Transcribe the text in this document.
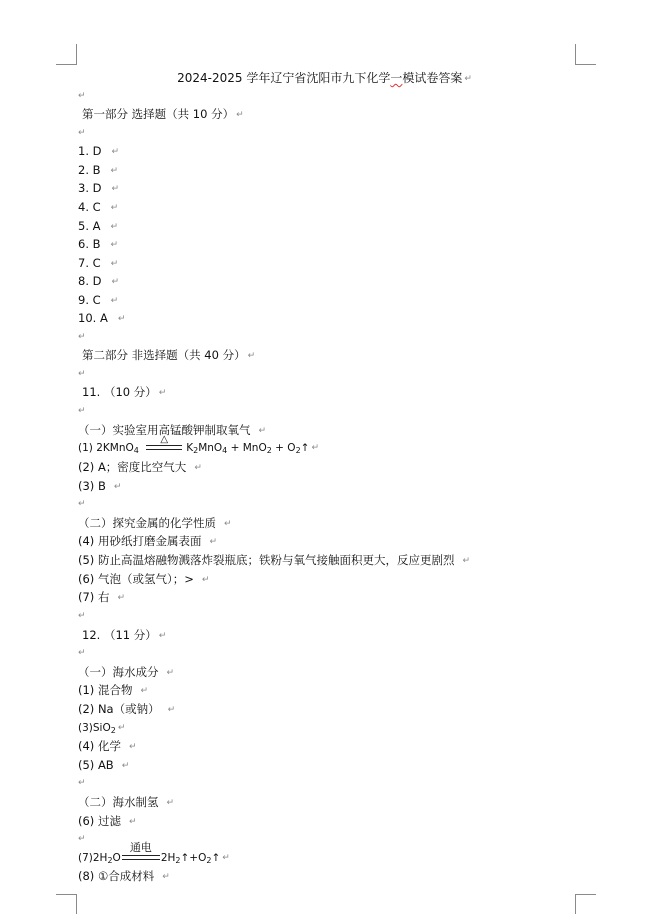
2024-2025 学年辽宁省沈阳市九下化学一模试卷答案 ↵
↵
第一部分 选择题（共 10 分） ↵
↵
1. D ↵
2. B ↵
3. D ↵
4. C ↵
5. A ↵
6. B ↵
7. C ↵
8. D ↵
9. C ↵
10. A ↵
↵
第二部分 非选择题（共 40 分） ↵
↵
11. （10 分） ↵
↵
（一）实验室用高锰酸钾制取氧气 ↵
(1) 2KMnO$_4$
△
$K_2MnO_4 + MnO_2$ + $O_2↑$ ↵
(2) A；密度比空气大 ↵
(3) B ↵
↵
（二）探究金属的化学性质 ↵
(4) 用砂纸打磨金属表面 ↵
(5) 防止高温熔融物溅落炸裂瓶底；铁粉与氧气接触面积更大，反应更剧烈 ↵
(6) 气泡（或氢气）；> ↵
(7) 右 ↵
↵
12. （11 分） ↵
↵
（一）海水成分 ↵
(1) 混合物 ↵
(2) Na（或钠） ↵
(3)SiO$_2$ ↵
(4) 化学 ↵
(5) AB ↵
↵
（二）海水制氢 ↵
(6) 过滤 ↵
↵
$(7)2H_2O$
通电
$2H_2↑+O_2↑$ ↵
(8) ①合成材料 ↵
